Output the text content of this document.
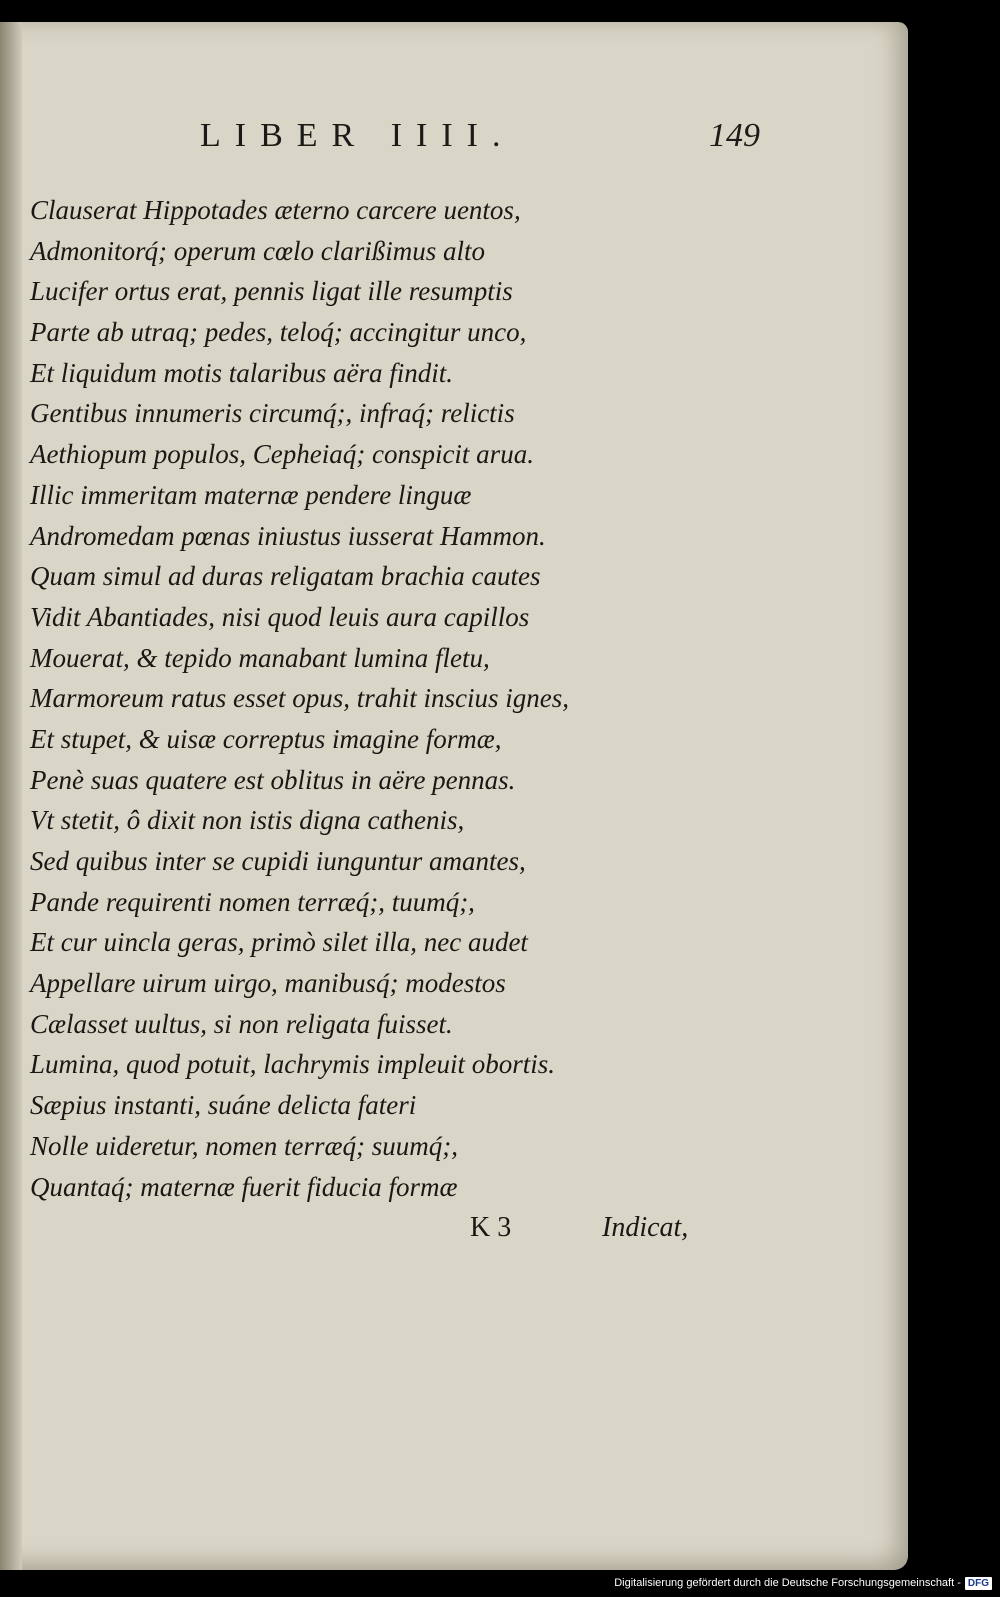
LIBER IIII.	149
Clauserat Hippotades æterno carcere uentos,
Admonitorq́; operum cœlo clarißimus alto
Lucifer ortus erat, pennis ligat ille resumptis
Parte ab utraq; pedes, teloq́; accingitur unco,
Et liquidum motis talaribus aëra findit.
Gentibus innumeris circumq́;, infraq́; relictis
Aethiopum populos, Cepheiaq́; conspicit arua.
Illic immeritam maternæ pendere linguæ
Andromedam pœnas iniustus iusserat Hammon.
Quam simul ad duras religatam brachia cautes
Vidit Abantiades, nisi quod leuis aura capillos
Mouerat, & tepido manabant lumina fletu,
Marmoreum ratus esset opus, trahit inscius ignes,
Et stupet, & uisæ correptus imagine formæ,
Penè suas quatere est oblitus in aëre pennas.
Vt stetit, ô dixit non istis digna cathenis,
Sed quibus inter se cupidi iunguntur amantes,
Pande requirenti nomen terræq́;, tuumq́;,
Et cur uincla geras, primò silet illa, nec audet
Appellare uirum uirgo, manibusq́; modestos
Cælasset uultus, si non religata fuisset.
Lumina, quod potuit, lachrymis impleuit obortis.
Sæpius instanti, suáne delicta fateri
Nolle uideretur, nomen terræq́; suumq́;,
Quantaq́; maternæ fuerit fiducia formæ
K 3	Indicat,
Digitalisierung gefördert durch die Deutsche Forschungsgemeinschaft - DFG
